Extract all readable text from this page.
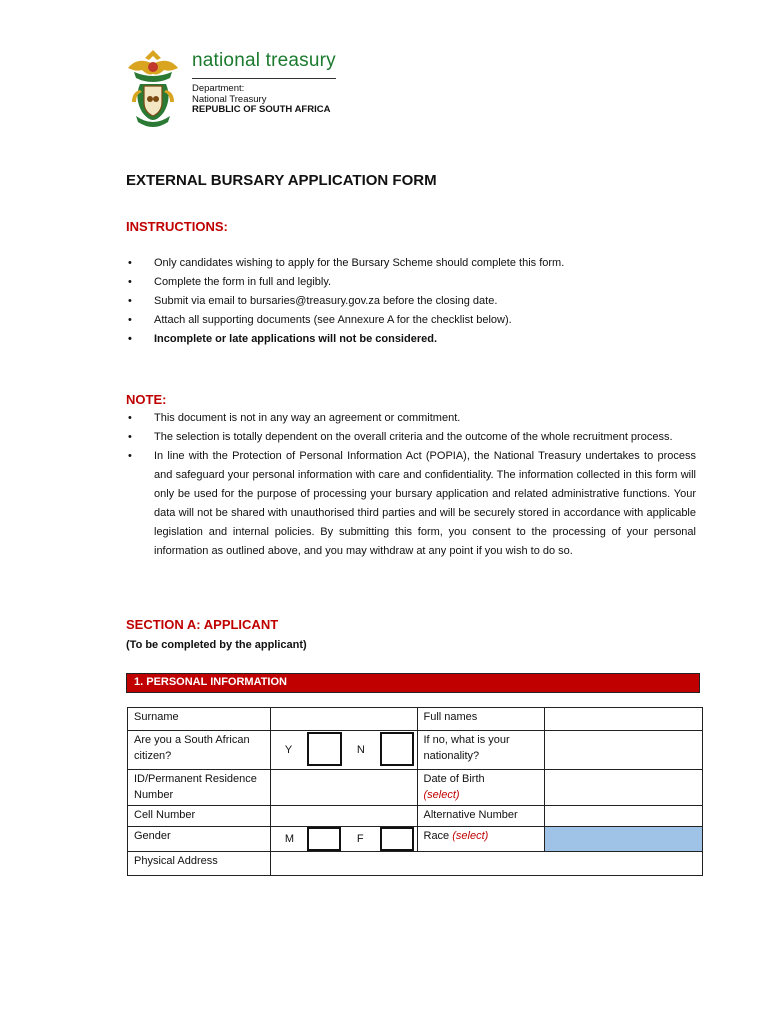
national treasury
Department:
National Treasury
REPUBLIC OF SOUTH AFRICA
EXTERNAL BURSARY APPLICATION FORM
INSTRUCTIONS:
• Only candidates wishing to apply for the Bursary Scheme should complete this form.
• Complete the form in full and legibly.
• Submit via email to bursaries@treasury.gov.za before the closing date.
• Attach all supporting documents (see Annexure A for the checklist below).
• Incomplete or late applications will not be considered.
NOTE:
• This document is not in any way an agreement or commitment.
• The selection is totally dependent on the overall criteria and the outcome of the whole recruitment process.
• In line with the Protection of Personal Information Act (POPIA), the National Treasury undertakes to process and safeguard your personal information with care and confidentiality. The information collected in this form will only be used for the purpose of processing your bursary application and related administrative functions. Your data will not be shared with unauthorised third parties and will be securely stored in accordance with applicable legislation and internal policies. By submitting this form, you consent to the processing of your personal information as outlined above, and you may withdraw at any point if you wish to do so.
SECTION A: APPLICANT
(To be completed by the applicant)
1. PERSONAL INFORMATION
Surname		Full names	
Are you a South African citizen?	Y N	If no, what is your nationality?	
ID/Permanent Residence Number		Date of Birth
(select)	

Cell Number		Alternative Number	
Gender	M F	Race (select)	
Physical Address			
